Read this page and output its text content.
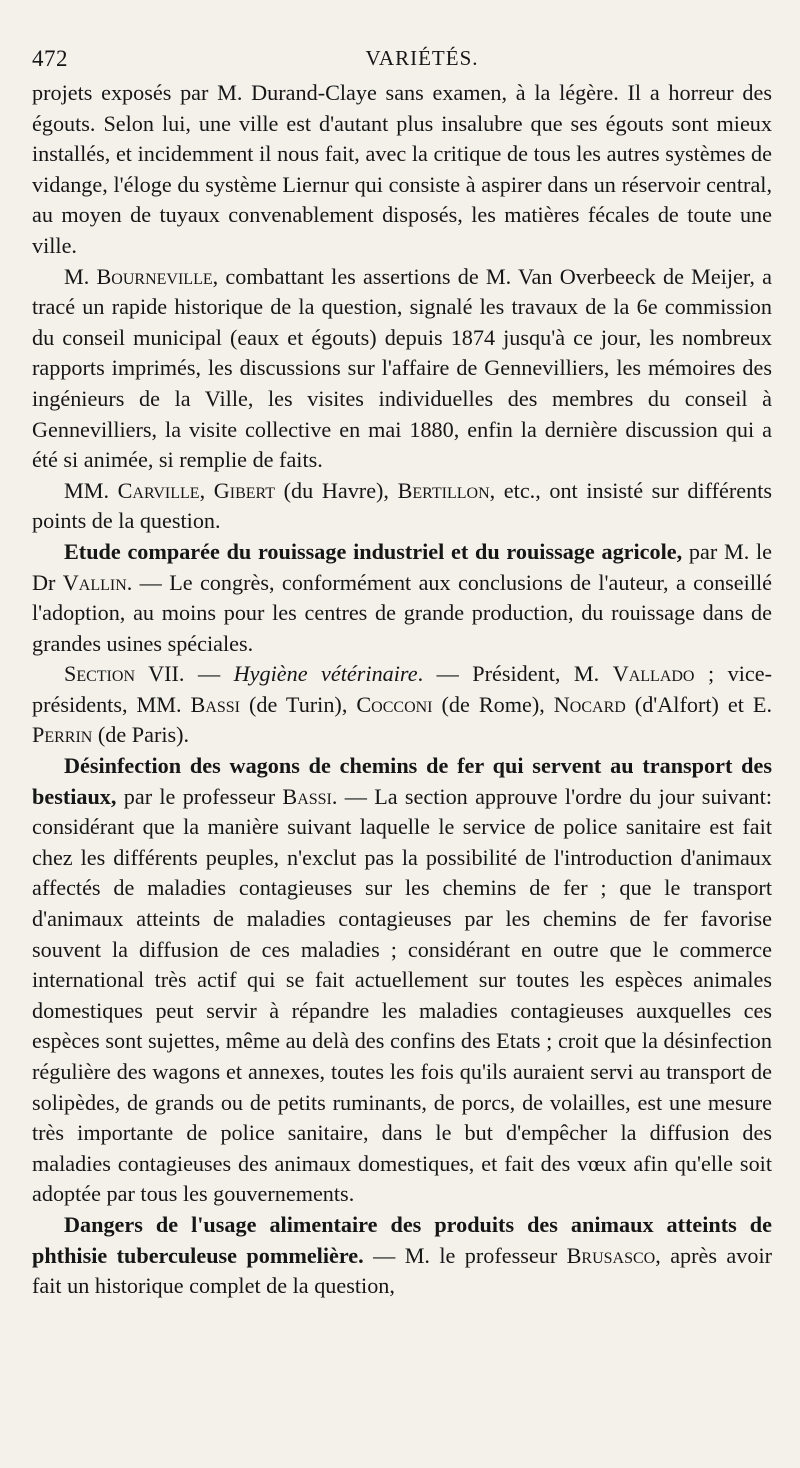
472	VARIÉTÉS.

projets exposés par M. Durand-Claye sans examen, à la légère. Il a horreur des égouts. Selon lui, une ville est d'autant plus insalubre que ses égouts sont mieux installés, et incidemment il nous fait, avec la critique de tous les autres systèmes de vidange, l'éloge du système Liernur qui consiste à aspirer dans un réservoir central, au moyen de tuyaux convenablement disposés, les matières fécales de toute une ville.

M. Bourneville, combattant les assertions de M. Van Overbeeck de Meijer, a tracé un rapide historique de la question, signalé les travaux de la 6e commission du conseil municipal (eaux et égouts) depuis 1874 jusqu'à ce jour, les nombreux rapports imprimés, les discussions sur l'affaire de Gennevilliers, les mémoires des ingénieurs de la Ville, les visites individuelles des membres du conseil à Gennevilliers, la visite collective en mai 1880, enfin la dernière discussion qui a été si animée, si remplie de faits.

MM. Carville, Gibert (du Havre), Bertillon, etc., ont insisté sur différents points de la question.

Etude comparée du rouissage industriel et du rouissage agricole, par M. le Dr Vallin. — Le congrès, conformément aux conclusions de l'auteur, a conseillé l'adoption, au moins pour les centres de grande production, du rouissage dans de grandes usines spéciales.

Section VII. — Hygiène vétérinaire. — Président, M. Vallado ; vice-présidents, MM. Bassi (de Turin), Cocconi (de Rome), Nocard (d'Alfort) et E. Perrin (de Paris).

Désinfection des wagons de chemins de fer qui servent au transport des bestiaux, par le professeur Bassi. — La section approuve l'ordre du jour suivant: considérant que la manière suivant laquelle le service de police sanitaire est fait chez les différents peuples, n'exclut pas la possibilité de l'introduction d'animaux affectés de maladies contagieuses sur les chemins de fer ; que le transport d'animaux atteints de maladies contagieuses par les chemins de fer favorise souvent la diffusion de ces maladies ; considérant en outre que le commerce international très actif qui se fait actuellement sur toutes les espèces animales domestiques peut servir à répandre les maladies contagieuses auxquelles ces espèces sont sujettes, même au delà des confins des Etats ; croit que la désinfection régulière des wagons et annexes, toutes les fois qu'ils auraient servi au transport de solipèdes, de grands ou de petits ruminants, de porcs, de volailles, est une mesure très importante de police sanitaire, dans le but d'empêcher la diffusion des maladies contagieuses des animaux domestiques, et fait des vœux afin qu'elle soit adoptée par tous les gouvernements.

Dangers de l'usage alimentaire des produits des animaux atteints de phthisie tuberculeuse pommelière. — M. le professeur Brusasco, après avoir fait un historique complet de la question,
